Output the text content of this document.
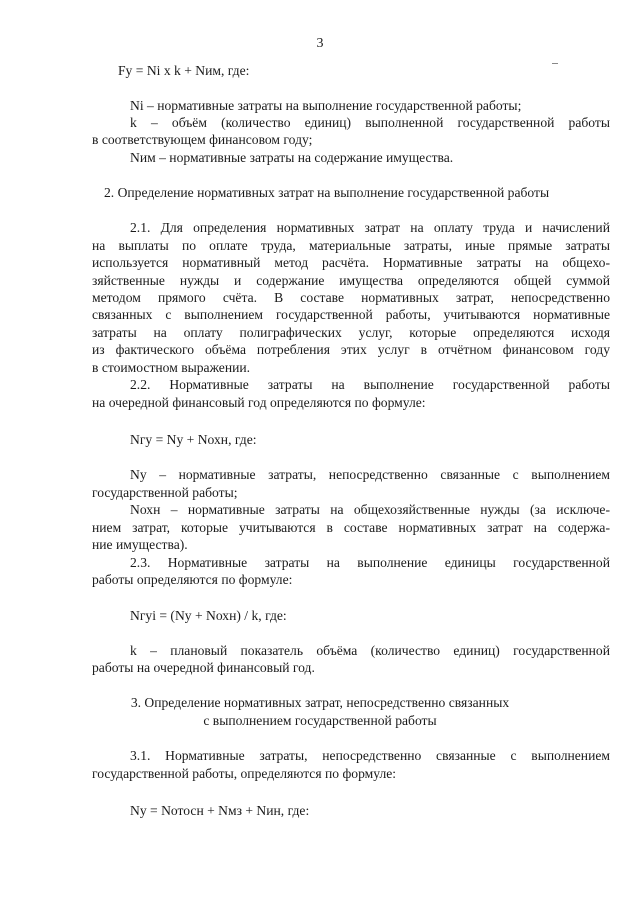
3
Fу = Ni x k + Nим, где:
Ni – нормативные затраты на выполнение государственной работы;
k – объём (количество единиц) выполненной государственной работы
в соответствующем финансовом году;
Nим – нормативные затраты на содержание имущества.
2. Определение нормативных затрат на выполнение государственной работы
2.1. Для определения нормативных затрат на оплату труда и начислений
на выплаты по оплате труда, материальные затраты, иные прямые затраты
используется нормативный метод расчёта. Нормативные затраты на общехо-
зяйственные нужды и содержание имущества определяются общей суммой
методом прямого счёта. В составе нормативных затрат, непосредственно
связанных с выполнением государственной работы, учитываются нормативные
затраты на оплату полиграфических услуг, которые определяются исходя
из фактического объёма потребления этих услуг в отчётном финансовом году
в стоимостном выражении.
2.2. Нормативные затраты на выполнение государственной работы
на очередной финансовый год определяются по формуле:
Nгу = Nу + Nохн, где:
Nу – нормативные затраты, непосредственно связанные с выполнением
государственной работы;
Nохн – нормативные затраты на общехозяйственные нужды (за исключе-
нием затрат, которые учитываются в составе нормативных затрат на содержа-
ние имущества).
2.3. Нормативные затраты на выполнение единицы государственной
работы определяются по формуле:
Nгуi = (Nу + Nохн) / k, где:
k – плановый показатель объёма (количество единиц) государственной
работы на очередной финансовый год.
3. Определение нормативных затрат, непосредственно связанных
с выполнением государственной работы
3.1. Нормативные затраты, непосредственно связанные с выполнением
государственной работы, определяются по формуле:
Nу = Nотосн + Nмз + Nин, где:
